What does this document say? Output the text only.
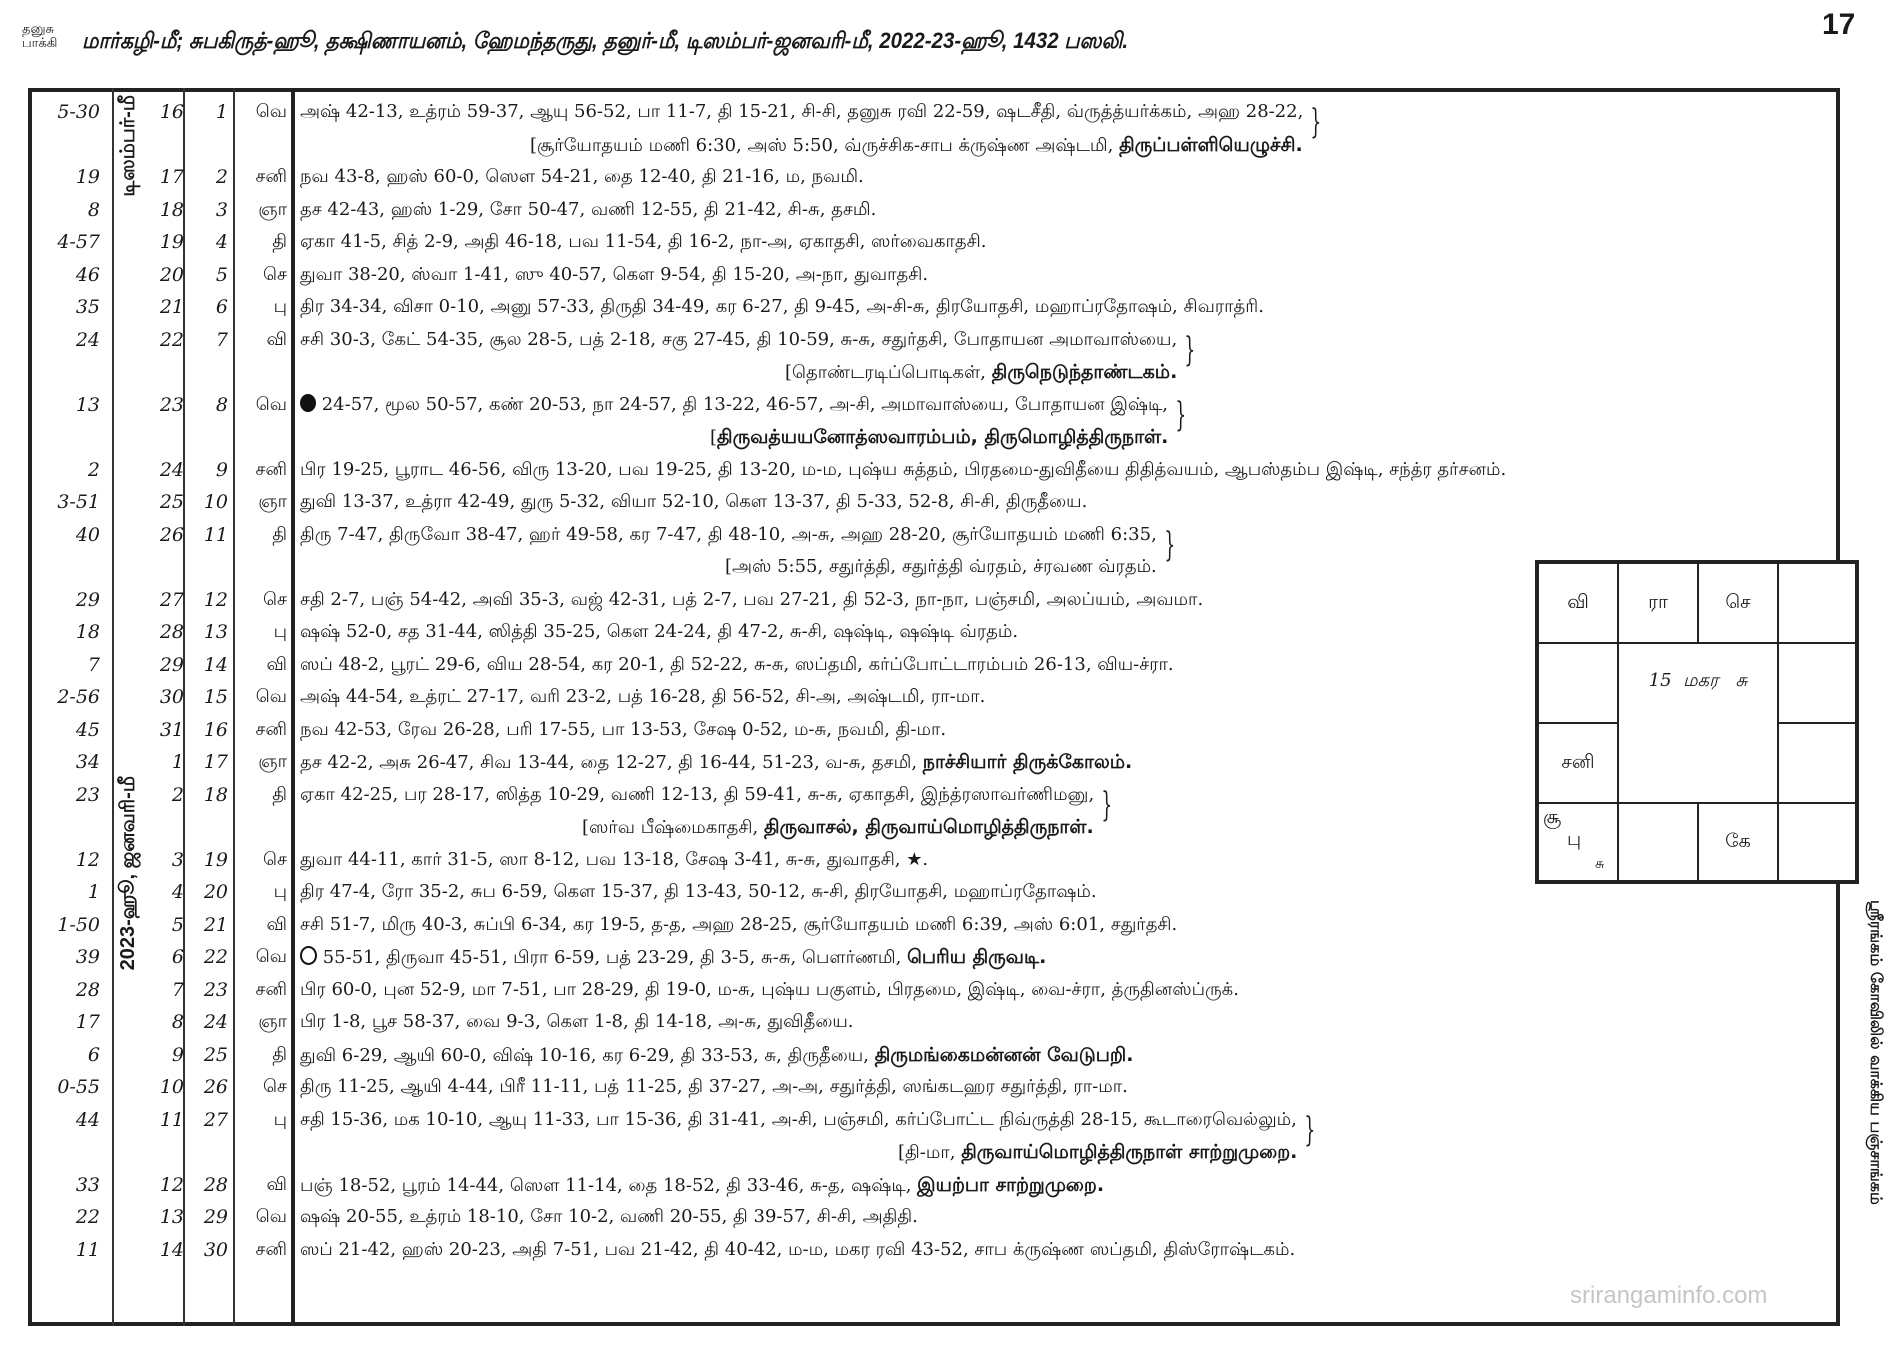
17
தனுசு
பாக்கி மார்கழி-மீ; சுபகிருத்-ஹூ, தக்ஷிணாயனம், ஹேமந்தருது, தனுர்-மீ, டிஸம்பர்-ஜனவரி-மீ, 2022-23-ஹூ, 1432 பஸலி.
டிஸம்பர்-மீ
2023-ஹூ, ஜனவரி-மீ
5-30	16	1	வெ அஷ் 42-13, உத்ரம் 59-37, ஆயு 56-52, பா 11-7, தி 15-21, சி-சி, தனுசு ரவி 22-59, ஷடசீதி, வ்ருத்த்யர்க்கம், அஹ 28-22, }
[சூர்யோதயம் மணி 6:30, அஸ் 5:50, வ்ருச்சிக-சாப க்ருஷ்ண அஷ்டமி, திருப்பள்ளியெழுச்சி.
19	17	2	சனி நவ 43-8, ஹஸ் 60-0, ஸௌ 54-21, தை 12-40, தி 21-16, ம, நவமி.
8	18	3	ஞா தச 42-43, ஹஸ் 1-29, சோ 50-47, வணி 12-55, தி 21-42, சி-சு, தசமி.
4-57	19	4	தி ஏகா 41-5, சித் 2-9, அதி 46-18, பவ 11-54, தி 16-2, நா-அ, ஏகாதசி, ஸர்வைகாதசி.
46	20	5	செ துவா 38-20, ஸ்வா 1-41, ஸு 40-57, கௌ 9-54, தி 15-20, அ-நா, துவாதசி.
35	21	6	பு திர 34-34, விசா 0-10, அனு 57-33, திருதி 34-49, கர 6-27, தி 9-45, அ-சி-சு, திரயோதசி, மஹாப்ரதோஷம், சிவராத்ரி.
24	22	7	வி சசி 30-3, கேட் 54-35, சூல 28-5, பத் 2-18, சகு 27-45, தி 10-59, சு-சு, சதுர்தசி, போதாயன அமாவாஸ்யை, }
[தொண்டரடிப்பொடிகள், திருநெடுந்தாண்டகம்.
13	23	8	வெ	24-57, மூல 50-57, கண் 20-53, நா 24-57, தி 13-22, 46-57, அ-சி, அமாவாஸ்யை, போதாயன இஷ்டி, }
[திருவத்யயனோத்ஸவாரம்பம், திருமொழித்திருநாள்.
2	24	9	சனி பிர 19-25, பூராட 46-56, விரு 13-20, பவ 19-25, தி 13-20, ம-ம, புஷ்ய சுத்தம், பிரதமை-துவிதீயை திதித்வயம், ஆபஸ்தம்ப இஷ்டி, சந்த்ர தர்சனம்.
3-51	25	10	ஞா துவி 13-37, உத்ரா 42-49, துரு 5-32, வியா 52-10, கௌ 13-37, தி 5-33, 52-8, சி-சி, திருதீயை.
40	26	11	தி திரு 7-47, திருவோ 38-47, ஹர் 49-58, கர 7-47, தி 48-10, அ-சு, அஹ 28-20, சூர்யோதயம் மணி 6:35, }
[அஸ் 5:55, சதுர்த்தி, சதுர்த்தி வ்ரதம், ச்ரவண வ்ரதம்.
29	27	12	செ சதி 2-7, பஞ் 54-42, அவி 35-3, வஜ் 42-31, பத் 2-7, பவ 27-21, தி 52-3, நா-நா, பஞ்சமி, அலப்யம், அவமா.
18	28	13	பு ஷஷ் 52-0, சத 31-44, ஸித்தி 35-25, கௌ 24-24, தி 47-2, சு-சி, ஷஷ்டி, ஷஷ்டி வ்ரதம்.
7	29	14	வி ஸப் 48-2, பூரட் 29-6, விய 28-54, கர 20-1, தி 52-22, சு-சு, ஸப்தமி, கர்ப்போட்டாரம்பம் 26-13, விய-ச்ரா.
2-56	30	15	வெ அஷ் 44-54, உத்ரட் 27-17, வரி 23-2, பத் 16-28, தி 56-52, சி-அ, அஷ்டமி, ரா-மா.
45	31	16	சனி நவ 42-53, ரேவ 26-28, பரி 17-55, பா 13-53, சேஷ 0-52, ம-சு, நவமி, தி-மா.
34	1	17	ஞா தச 42-2, அசு 26-47, சிவ 13-44, தை 12-27, தி 16-44, 51-23, வ-சு, தசமி, நாச்சியார் திருக்கோலம்.
23	2	18	தி ஏகா 42-25, பர 28-17, ஸித்த 10-29, வணி 12-13, தி 59-41, சு-சு, ஏகாதசி, இந்த்ரஸாவர்ணிமனு, }
[ஸர்வ பீஷ்மைகாதசி, திருவாசல், திருவாய்மொழித்திருநாள்.
12	3	19	செ துவா 44-11, கார் 31-5, ஸா 8-12, பவ 13-18, சேஷ 3-41, சு-சு, துவாதசி, ★.
1	4	20	பு திர 47-4, ரோ 35-2, சுப 6-59, கௌ 15-37, தி 13-43, 50-12, சு-சி, திரயோதசி, மஹாப்ரதோஷம்.
1-50	5	21	வி சசி 51-7, மிரு 40-3, சுப்பி 6-34, கர 19-5, த-த, அஹ 28-25, சூர்யோதயம் மணி 6:39, அஸ் 6:01, சதுர்தசி.
39	6	22	வெ	55-51, திருவா 45-51, பிரா 6-59, பத் 23-29, தி 3-5, சு-சு, பௌர்ணமி, பெரிய திருவடி.
28	7	23	சனி பிர 60-0, புன 52-9, மா 7-51, பா 28-29, தி 19-0, ம-சு, புஷ்ய பகுளம், பிரதமை, இஷ்டி, வை-ச்ரா, த்ருதினஸ்ப்ருக்.
17	8	24	ஞா பிர 1-8, பூச 58-37, வை 9-3, கௌ 1-8, தி 14-18, அ-சு, துவிதீயை.
6	9	25	தி துவி 6-29, ஆயி 60-0, விஷ் 10-16, கர 6-29, தி 33-53, சு, திருதீயை, திருமங்கைமன்னன் வேடுபறி.
0-55	10	26	செ திரு 11-25, ஆயி 4-44, பிரீ 11-11, பத் 11-25, தி 37-27, அ-அ, சதுர்த்தி, ஸங்கடஹர சதுர்த்தி, ரா-மா.
44	11	27	பு சதி 15-36, மக 10-10, ஆயு 11-33, பா 15-36, தி 31-41, அ-சி, பஞ்சமி, கர்ப்போட்ட நிவ்ருத்தி 28-15, கூடாரைவெல்லும், }
[தி-மா, திருவாய்மொழித்திருநாள் சாற்றுமுறை.
33	12	28	வி பஞ் 18-52, பூரம் 14-44, ஸௌ 11-14, தை 18-52, தி 33-46, சு-த, ஷஷ்டி, இயற்பா சாற்றுமுறை.
22	13	29	வெ ஷஷ் 20-55, உத்ரம் 18-10, சோ 10-2, வணி 20-55, தி 39-57, சி-சி, அதிதி.
11	14	30	சனி ஸப் 21-42, ஹஸ் 20-23, அதி 7-51, பவ 21-42, தி 40-42, ம-ம, மகர ரவி 43-52, சாப க்ருஷ்ண ஸப்தமி, திஸ்ரோஷ்டகம்.
வி	ரா	செ
15  மகர   சு
சனி
சூ
பு
சு
கே
ஸ்ரீரங்கம் கோவிலில் வாக்கிய பஞ்சாங்கம்
srirangaminfo.com
